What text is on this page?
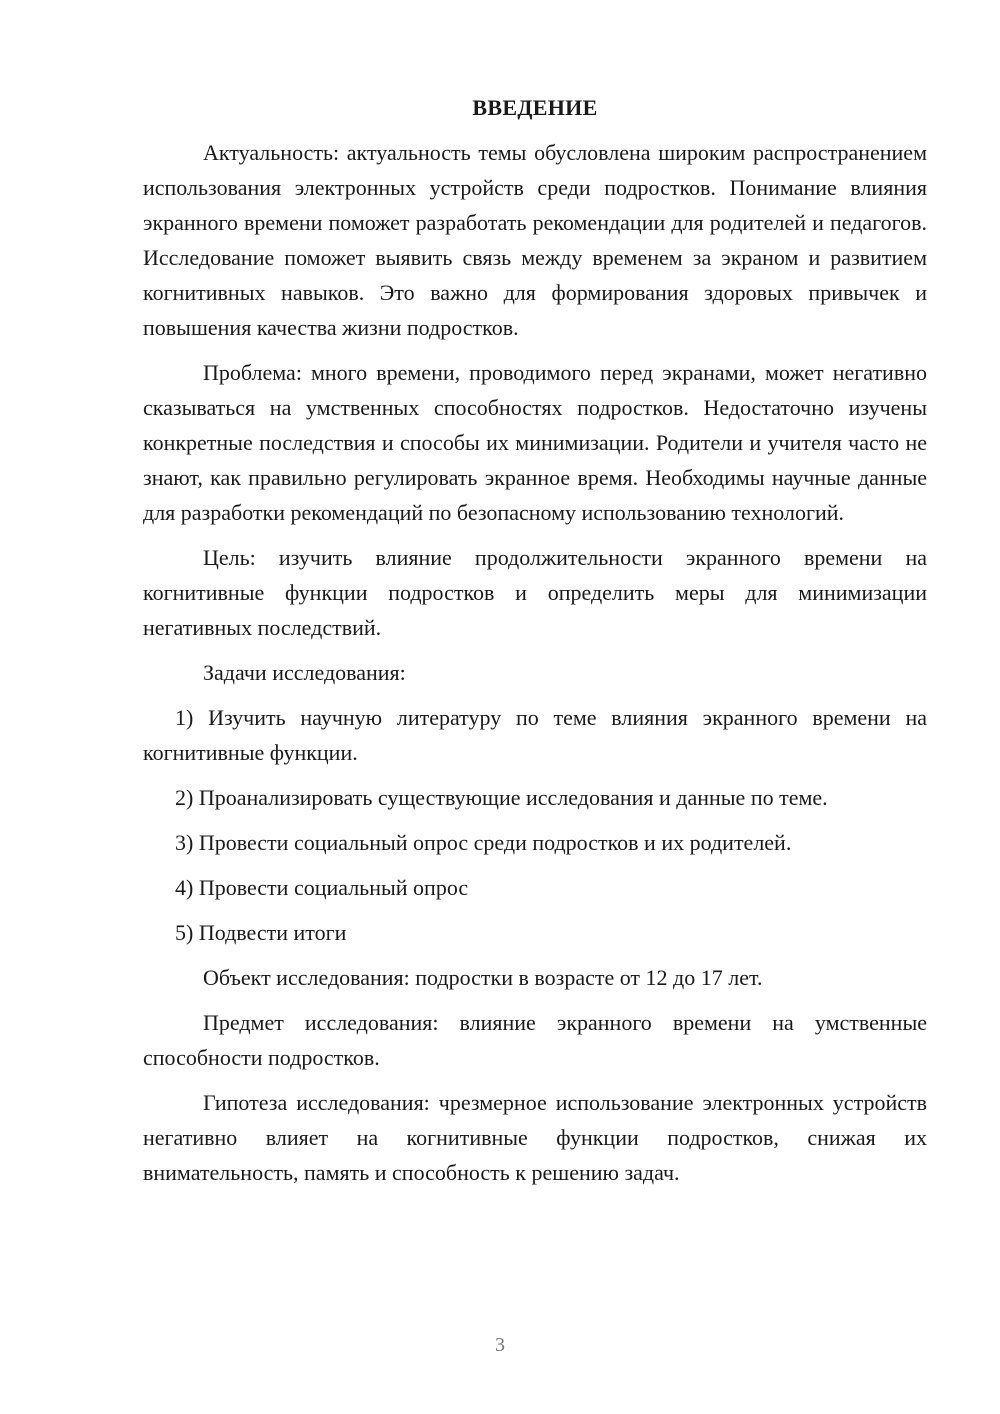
ВВЕДЕНИЕ

Актуальность: актуальность темы обусловлена широким распространением использования электронных устройств среди подростков. Понимание влияния экранного времени поможет разработать рекомендации для родителей и педагогов. Исследование поможет выявить связь между временем за экраном и развитием когнитивных навыков. Это важно для формирования здоровых привычек и повышения качества жизни подростков.

Проблема: много времени, проводимого перед экранами, может негативно сказываться на умственных способностях подростков. Недостаточно изучены конкретные последствия и способы их минимизации. Родители и учителя часто не знают, как правильно регулировать экранное время. Необходимы научные данные для разработки рекомендаций по безопасному использованию технологий.

Цель: изучить влияние продолжительности экранного времени на когнитивные функции подростков и определить меры для минимизации негативных последствий.

Задачи исследования:

1) Изучить научную литературу по теме влияния экранного времени на когнитивные функции.

2) Проанализировать существующие исследования и данные по теме.

3) Провести социальный опрос среди подростков и их родителей.

4) Провести социальный опрос

5) Подвести итоги

Объект исследования: подростки в возрасте от 12 до 17 лет.

Предмет исследования: влияние экранного времени на умственные способности подростков.

Гипотеза исследования: чрезмерное использование электронных устройств негативно влияет на когнитивные функции подростков, снижая их внимательность, память и способность к решению задач.

3
